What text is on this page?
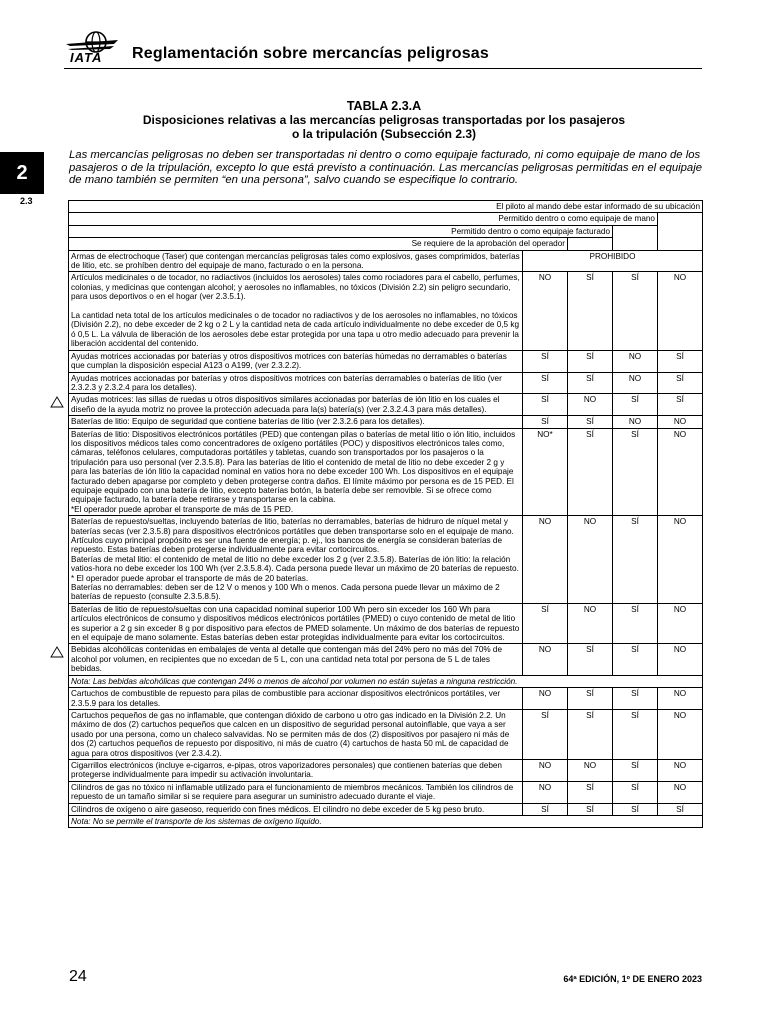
IATA Reglamentación sobre mercancías peligrosas
2
2.3
TABLA 2.3.A
Disposiciones relativas a las mercancías peligrosas transportadas por los pasajeros
o la tripulación (Subsección 2.3)
Las mercancías peligrosas no deben ser transportadas ni dentro o como equipaje facturado, ni como equipaje de mano de los pasajeros o de la tripulación, excepto lo que está previsto a continuación. Las mercancías peligrosas permitidas en el equipaje de mano también se permiten “en una persona”, salvo cuando se especifique lo contrario.
El piloto al mando debe estar informado de su ubicación				
Permitido dentro o como equipaje de mano				
Permitido dentro o como equipaje facturado				
Se requiere de la aprobación del operador				
Armas de electrochoque (Taser) que contengan mercancías peligrosas tales como explosivos, gases comprimidos, baterías de litio, etc. se prohíben dentro del equipaje de mano, facturado o en la persona.	PROHIBIDO			
Artículos medicinales o de tocador, no radiactivos (incluidos los aerosoles) tales como rociadores para el cabello, perfumes, colonias, y medicinas que contengan alcohol; y aerosoles no inflamables, no tóxicos (División 2.2) sin peligro secundario, para usos deportivos o en el hogar (ver 2.3.5.1).

La cantidad neta total de los artículos medicinales o de tocador no radiactivos y de los aerosoles no inflamables, no tóxicos (División 2.2), no debe exceder de 2 kg o 2 L y la cantidad neta de cada artículo individualmente no debe exceder de 0,5 kg ó 0,5 L. La válvula de liberación de los aerosoles debe estar protegida por una tapa u otro medio adecuado para prevenir la liberación accidental del contenido.	NO	SÍ	SÍ	NO
Ayudas motrices accionadas por baterías y otros dispositivos motrices con baterías húmedas no derramables o baterías que cumplan la disposición especial A123 o A199, (ver 2.3.2.2).	SÍ	SÍ	NO	SÍ
Ayudas motrices accionadas por baterías y otros dispositivos motrices con baterías derramables o baterías de litio (ver 2.3.2.3 y 2.3.2.4 para los detalles).	SÍ	SÍ	NO	SÍ
Ayudas motrices: las sillas de ruedas u otros dispositivos similares accionadas por baterías de ión litio en los cuales el diseño de la ayuda motriz no provee la protección adecuada para la(s) batería(s) (ver 2.3.2.4.3 para más detalles).	SÍ	NO	SÍ	SÍ
Baterías de litio: Equipo de seguridad que contiene baterías de litio (ver 2.3.2.6 para los detalles).	SÍ	SÍ	NO	NO
Baterías de litio: Dispositivos electrónicos portátiles (PED) que contengan pilas o baterías de metal litio o ión litio, incluidos los dispositivos médicos tales como concentradores de oxígeno portátiles (POC) y dispositivos electrónicos tales como, cámaras, teléfonos celulares, computadoras portátiles y tabletas, cuando son transportados por los pasajeros o la tripulación para uso personal (ver 2.3.5.8). Para las baterías de litio el contenido de metal de litio no debe exceder 2 g y para las baterías de ión litio la capacidad nominal en vatios hora no debe exceder 100 Wh. Los dispositivos en el equipaje facturado deben apagarse por completo y deben protegerse contra daños. El límite máximo por persona es de 15 PED. El equipaje equipado con una batería de litio, excepto baterías botón, la batería debe ser removible. Si se ofrece como equipaje facturado, la batería debe retirarse y transportarse en la cabina.
*El operador puede aprobar el transporte de más de 15 PED.	NO*	SÍ	SÍ	NO
Baterías de repuesto/sueltas, incluyendo baterías de litio, baterías no derramables, baterías de hidruro de níquel metal y baterías secas (ver 2.3.5.8) para dispositivos electrónicos portátiles que deben transportarse solo en el equipaje de mano. Artículos cuyo principal propósito es ser una fuente de energía; p. ej., los bancos de energía se consideran baterías de repuesto. Estas baterías deben protegerse individualmente para evitar cortocircuitos.
Baterías de metal litio: el contenido de metal de litio no debe exceder los 2 g (ver 2.3.5.8). Baterías de ión litio: la relación vatios-hora no debe exceder los 100 Wh (ver 2.3.5.8.4). Cada persona puede llevar un máximo de 20 baterías de repuesto.
* El operador puede aprobar el transporte de más de 20 baterías.
Baterías no derramables: deben ser de 12 V o menos y 100 Wh o menos. Cada persona puede llevar un máximo de 2 baterías de repuesto (consulte 2.3.5.8.5).	NO	NO	SÍ	NO
Baterías de litio de repuesto/sueltas con una capacidad nominal superior 100 Wh pero sin exceder los 160 Wh para artículos electrónicos de consumo y dispositivos médicos electrónicos portátiles (PMED) o cuyo contenido de metal de litio es superior a 2 g sin exceder 8 g por dispositivo para efectos de PMED solamente. Un máximo de dos baterías de repuesto en el equipaje de mano solamente. Estas baterías deben estar protegidas individualmente para evitar los cortocircuitos.	SÍ	NO	SÍ	NO
Bebidas alcohólicas contenidas en embalajes de venta al detalle que contengan más del 24% pero no más del 70% de alcohol por volumen, en recipientes que no excedan de 5 L, con una cantidad neta total por persona de 5 L de tales bebidas.	NO	SÍ	SÍ	NO
Nota: Las bebidas alcohólicas que contengan 24% o menos de alcohol por volumen no están sujetas a ninguna restricción.				
Cartuchos de combustible de repuesto para pilas de combustible para accionar dispositivos electrónicos portátiles, ver 2.3.5.9 para los detalles.	NO	SÍ	SÍ	NO
Cartuchos pequeños de gas no inflamable, que contengan dióxido de carbono u otro gas indicado en la División 2.2. Un máximo de dos (2) cartuchos pequeños que calcen en un dispositivo de seguridad personal autoinflable, que vaya a ser usado por una persona, como un chaleco salvavidas. No se permiten más de dos (2) dispositivos por pasajero ni más de dos (2) cartuchos pequeños de repuesto por dispositivo, ni más de cuatro (4) cartuchos de hasta 50 mL de capacidad de agua para otros dispositivos (ver 2.3.4.2).	SÍ	SÍ	SÍ	NO
Cigarrillos electrónicos (incluye e-cigarros, e-pipas, otros vaporizadores personales) que contienen baterías que deben protegerse individualmente para impedir su activación involuntaria.	NO	NO	SÍ	NO
Cilindros de gas no tóxico ni inflamable utilizado para el funcionamiento de miembros mecánicos. También los cilindros de repuesto de un tamaño similar si se requiere para asegurar un suministro adecuado durante el viaje.	NO	SÍ	SÍ	NO
Cilindros de oxígeno o aire gaseoso, requerido con fines médicos. El cilindro no debe exceder de 5 kg peso bruto.	SÍ	SÍ	SÍ	SÍ
Nota: No se permite el transporte de los sistemas de oxígeno líquido.				
24	64ª EDICIÓN, 1º DE ENERO 2023
